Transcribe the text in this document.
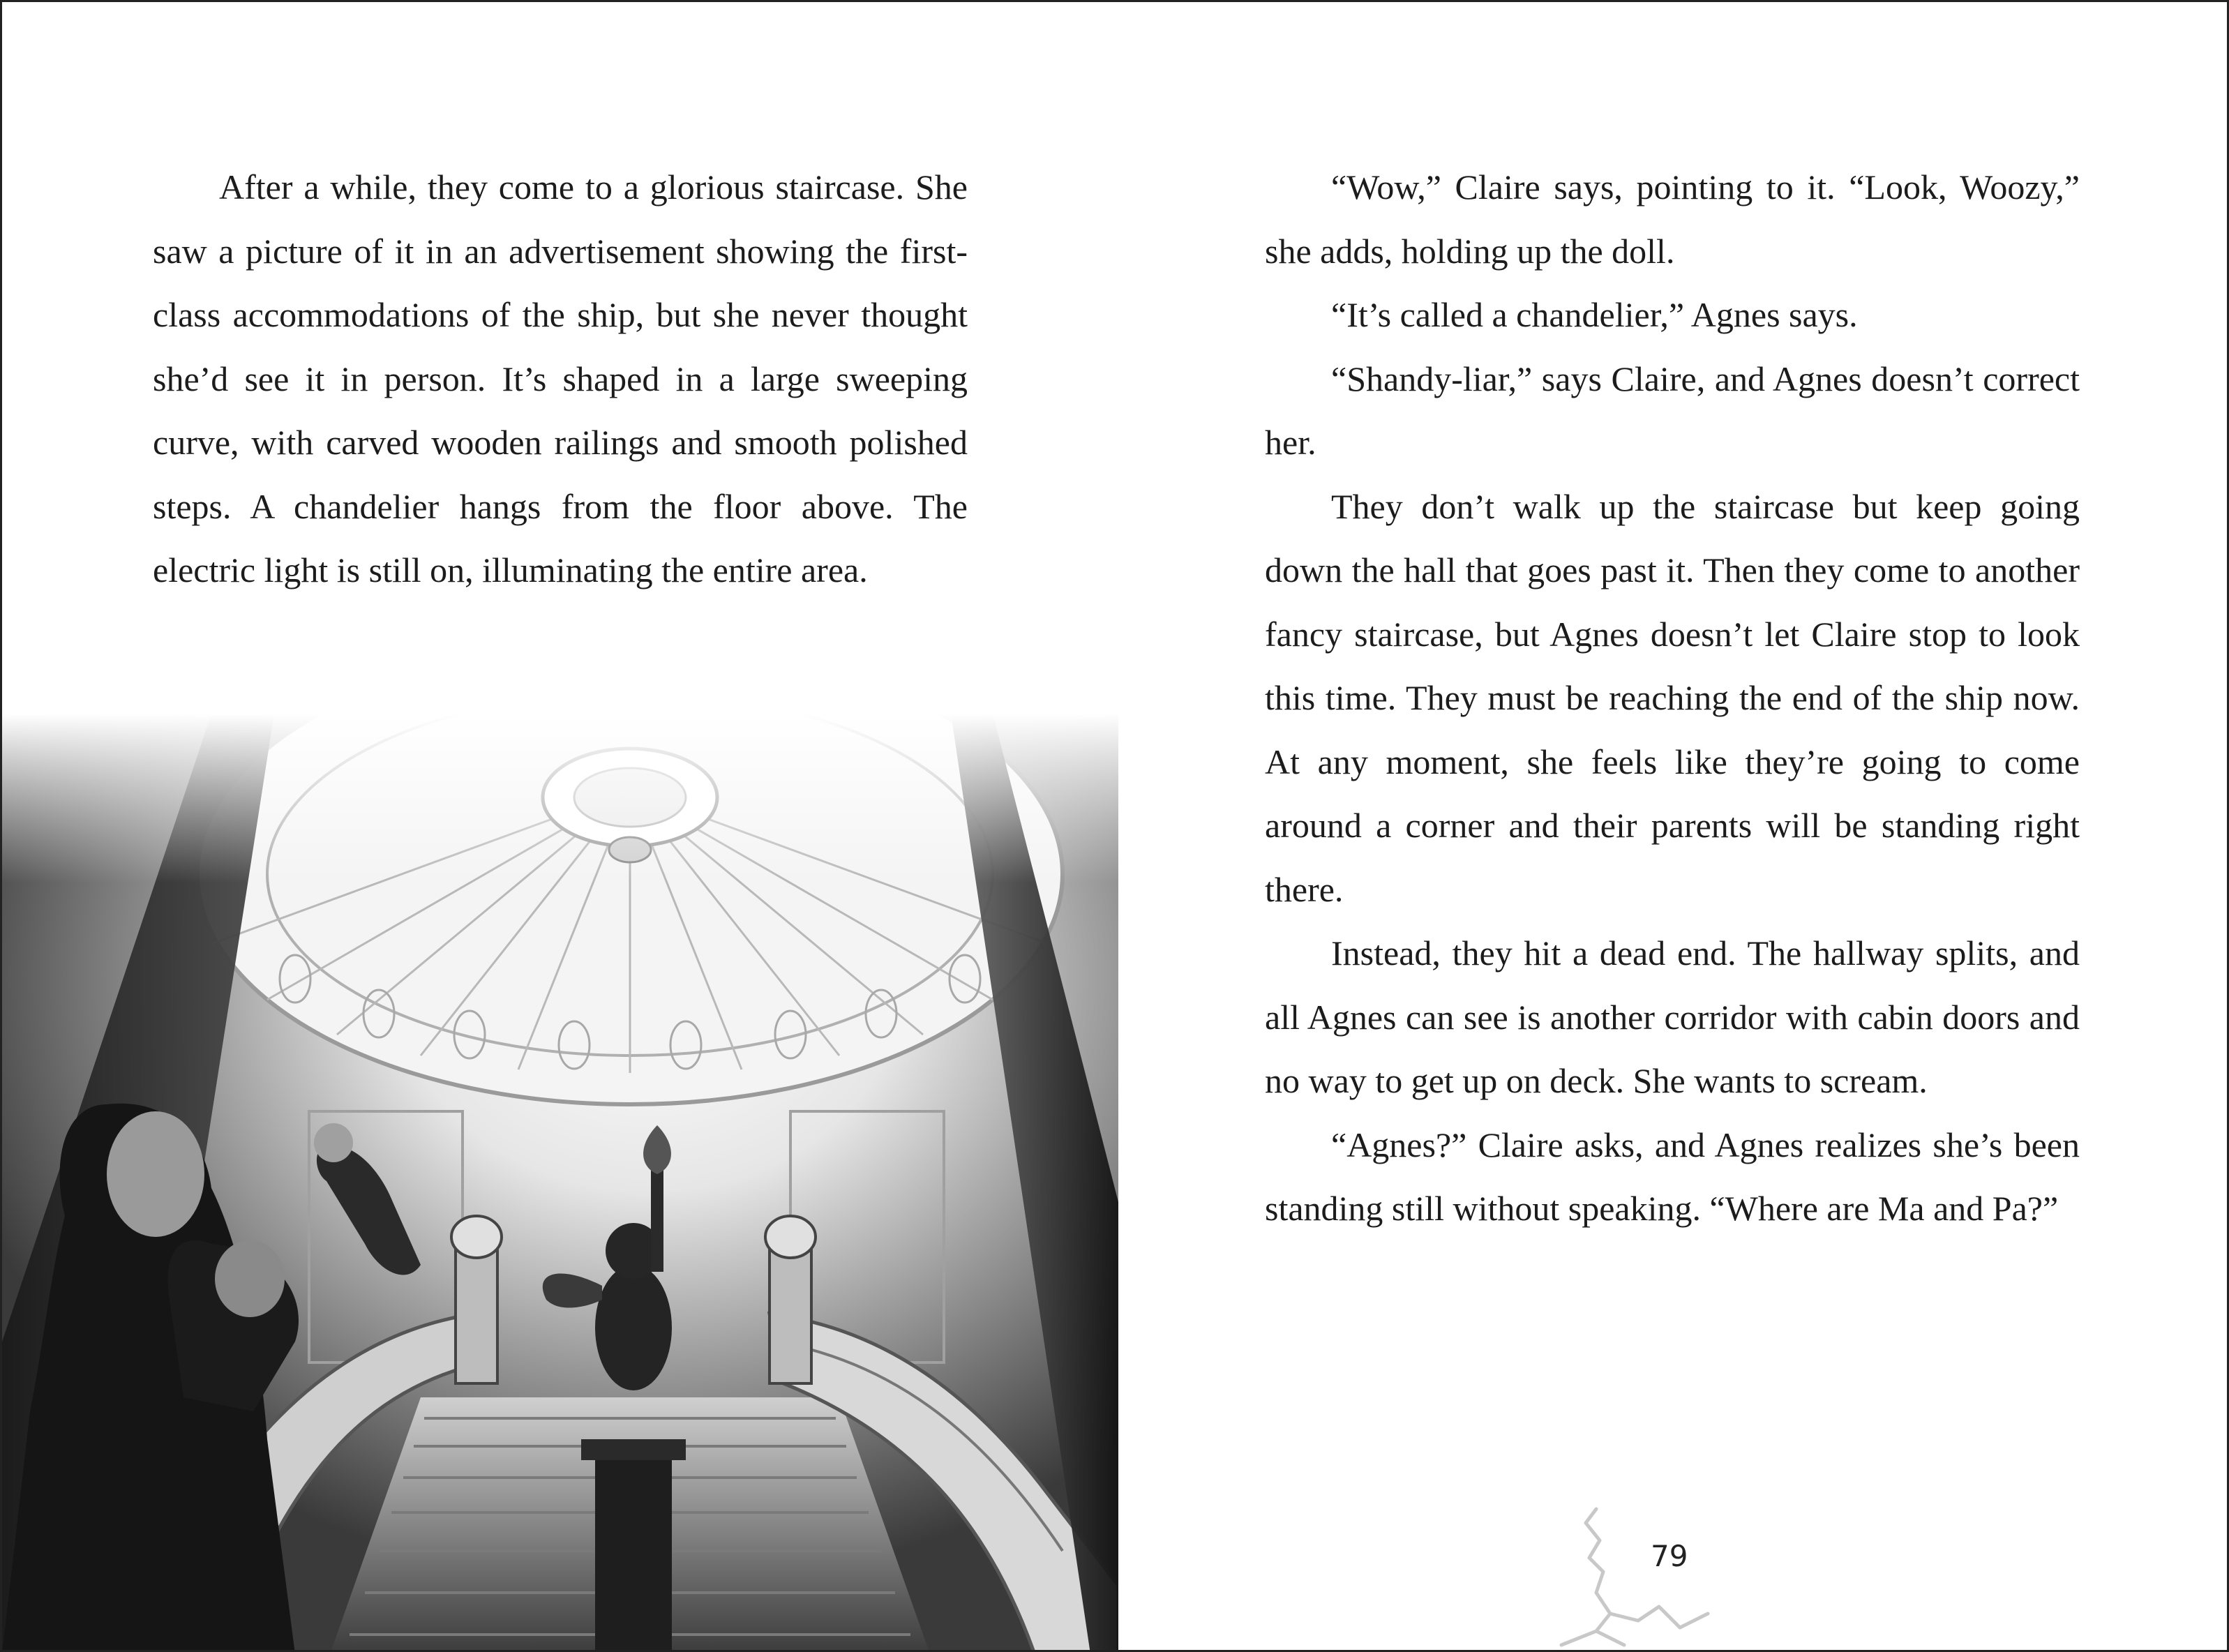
After a while, they come to a glorious staircase. She saw a picture of it in an advertisement showing the first-class accommodations of the ship, but she never thought she’d see it in person. It’s shaped in a large sweeping curve, with carved wooden railings and smooth polished steps. A chandelier hangs from the floor above. The electric light is still on, illuminating the entire area.

“Wow,” Claire says, pointing to it. “Look, Woozy,” she adds, holding up the doll.

“It’s called a chandelier,” Agnes says.

“Shandy-liar,” says Claire, and Agnes doesn’t correct her.

They don’t walk up the staircase but keep going down the hall that goes past it. Then they come to another fancy staircase, but Agnes doesn’t let Claire stop to look this time. They must be reaching the end of the ship now. At any moment, she feels like they’re going to come around a corner and their parents will be standing right there.

Instead, they hit a dead end. The hallway splits, and all Agnes can see is another corridor with cabin doors and no way to get up on deck. She wants to scream.

“Agnes?” Claire asks, and Agnes realizes she’s been standing still without speaking. “Where are Ma and Pa?”

79
